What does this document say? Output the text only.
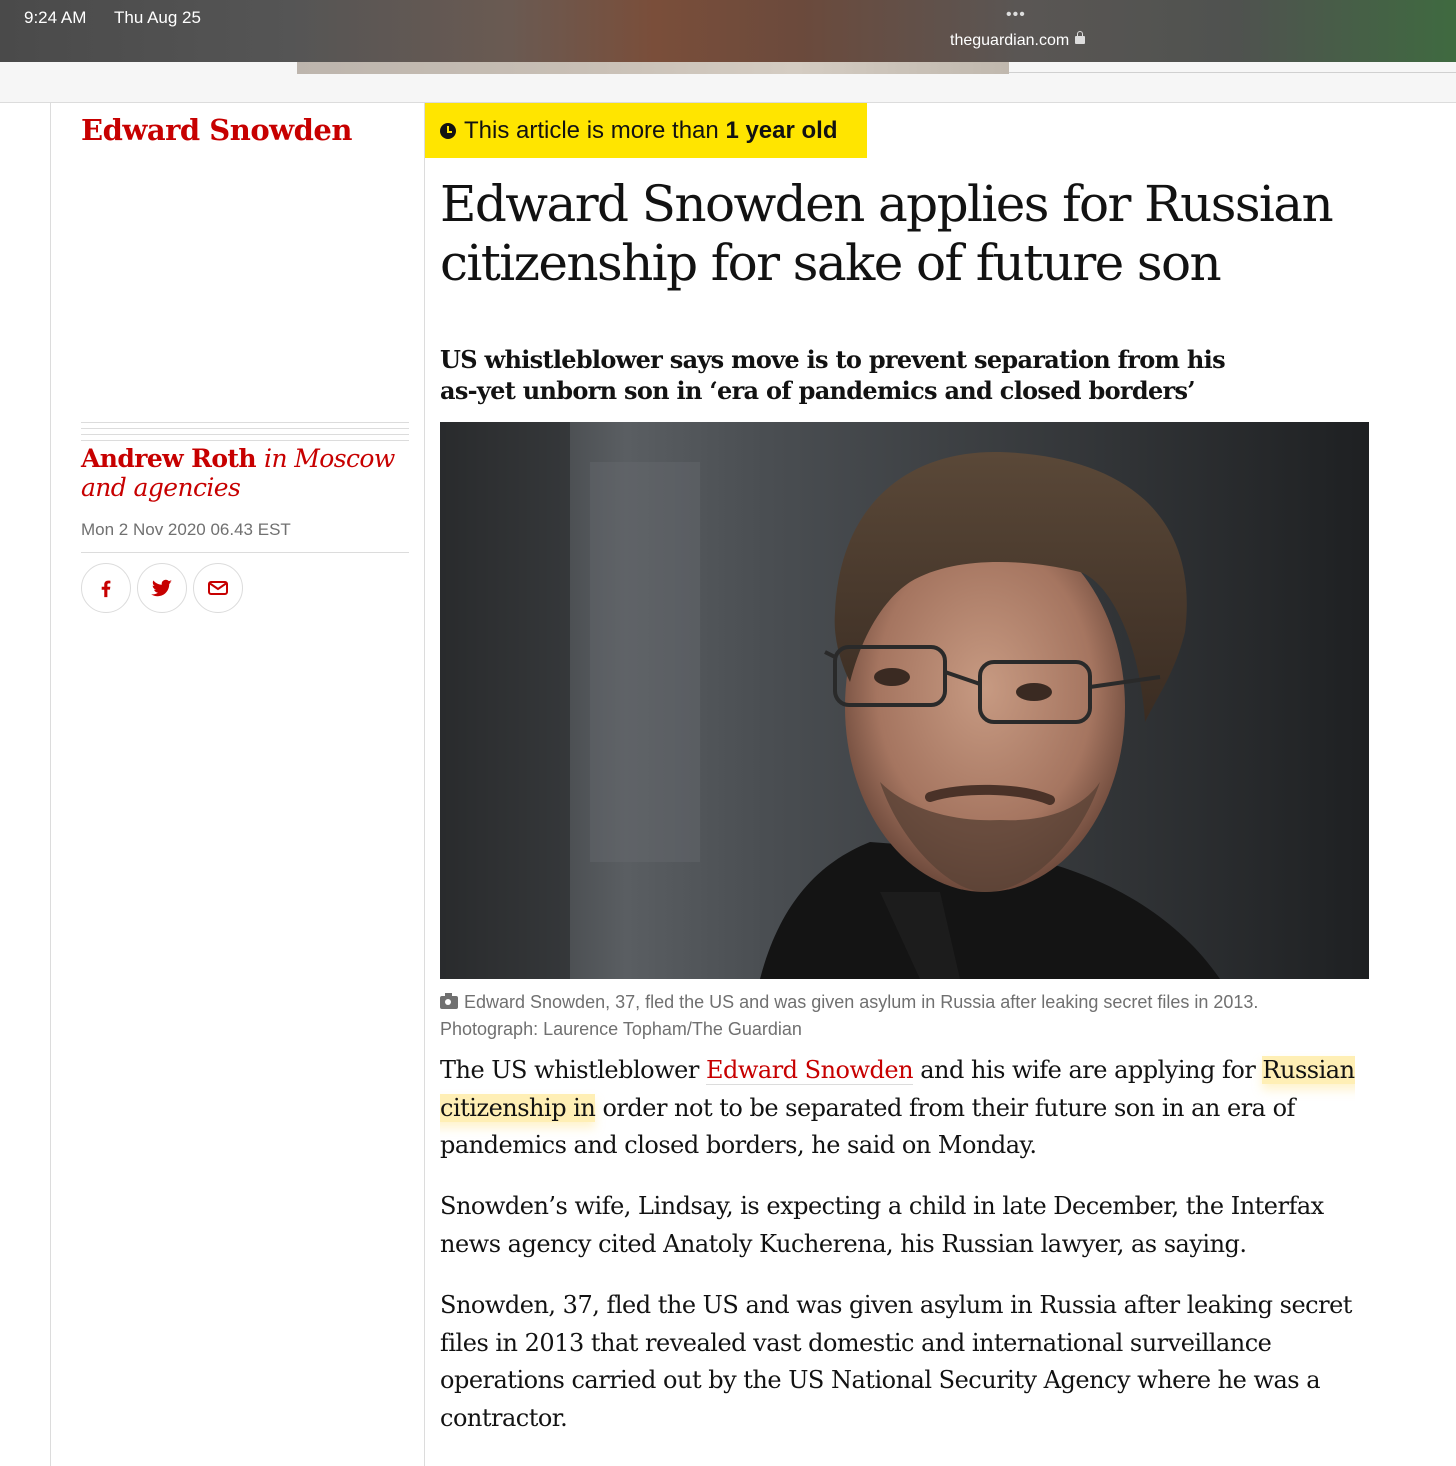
9:24 AM Thu Aug 25	•••
theguardian.com
Edward Snowden	This article is more than 1 year old
Edward Snowden applies for Russian citizenship for sake of future son

US whistleblower says move is to prevent separation from his as-yet unborn son in ‘era of pandemics and closed borders’

Andrew Roth in Moscow and agencies
Mon 2 Nov 2020 06.43 EST

Edward Snowden, 37, fled the US and was given asylum in Russia after leaking secret files in 2013. Photograph: Laurence Topham/The Guardian

The US whistleblower Edward Snowden and his wife are applying for Russian citizenship in order not to be separated from their future son in an era of pandemics and closed borders, he said on Monday.

Snowden’s wife, Lindsay, is expecting a child in late December, the Interfax news agency cited Anatoly Kucherena, his Russian lawyer, as saying.

Snowden, 37, fled the US and was given asylum in Russia after leaking secret files in 2013 that revealed vast domestic and international surveillance operations carried out by the US National Security Agency where he was a contractor.
